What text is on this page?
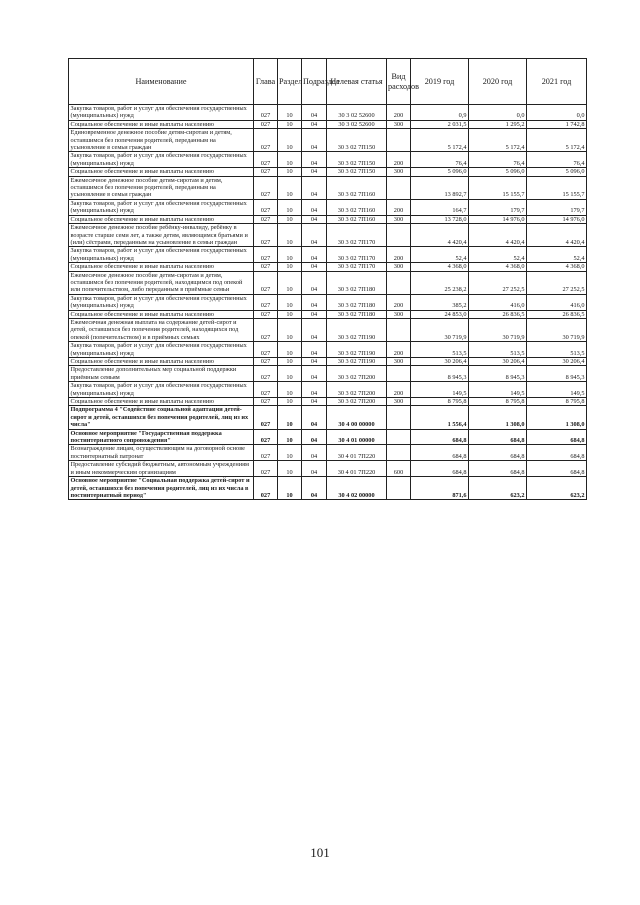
Наименование	Глава	Раздел	Подраздел	Целевая статья	Вид расходов	2019 год	2020 год	2021 год
Закупка товаров, работ и услуг для обеспечения государственных (муниципальных) нужд	027	10	04	30 3 02 52600	200	0,9	0,0	0,0
Социальное обеспечение и иные выплаты населению	027	10	04	30 3 02 52600	300	2 031,5	1 295,2	1 742,8
Единовременное денежное пособие детям-сиротам и детям, оставшимся без попечения родителей, переданным на усыновление в семьи граждан	027	10	04	30 3 02 7П150		5 172,4	5 172,4	5 172,4
Закупка товаров, работ и услуг для обеспечения государственных (муниципальных) нужд	027	10	04	30 3 02 7П150	200	76,4	76,4	76,4
Социальное обеспечение и иные выплаты населению	027	10	04	30 3 02 7П150	300	5 096,0	5 096,0	5 096,0
Ежемесячное денежное пособие детям-сиротам и детям, оставшимся без попечения родителей, переданным на усыновление в семьи граждан	027	10	04	30 3 02 7П160		13 892,7	15 155,7	15 155,7
Закупка товаров, работ и услуг для обеспечения государственных (муниципальных) нужд	027	10	04	30 3 02 7П160	200	164,7	179,7	179,7
Социальное обеспечение и иные выплаты населению	027	10	04	30 3 02 7П160	300	13 728,0	14 976,0	14 976,0
Ежемесячное денежное пособие ребёнку-инвалиду, ребёнку в возрасте старше семи лет, а также детям, являющимся братьями и (или) сёстрами, переданным на усыновление в семьи граждан	027	10	04	30 3 02 7П170		4 420,4	4 420,4	4 420,4
Закупка товаров, работ и услуг для обеспечения государственных (муниципальных) нужд	027	10	04	30 3 02 7П170	200	52,4	52,4	52,4
Социальное обеспечение и иные выплаты населению	027	10	04	30 3 02 7П170	300	4 368,0	4 368,0	4 368,0
Ежемесячное денежное пособие детям-сиротам и детям, оставшимся без попечения родителей, находящимся под опекой или попечительством, либо переданным в приёмные семьи	027	10	04	30 3 02 7П180		25 238,2	27 252,5	27 252,5
Закупка товаров, работ и услуг для обеспечения государственных (муниципальных) нужд	027	10	04	30 3 02 7П180	200	385,2	416,0	416,0
Социальное обеспечение и иные выплаты населению	027	10	04	30 3 02 7П180	300	24 853,0	26 836,5	26 836,5
Ежемесячная денежная выплата на содержание детей-сирот и детей, оставшихся без попечения родителей, находящихся под опекой (попечительством) и в приёмных семьях	027	10	04	30 3 02 7П190		30 719,9	30 719,9	30 719,9
Закупка товаров, работ и услуг для обеспечения государственных (муниципальных) нужд	027	10	04	30 3 02 7П190	200	513,5	513,5	513,5
Социальное обеспечение и иные выплаты населению	027	10	04	30 3 02 7П190	300	30 206,4	30 206,4	30 206,4
Предоставление дополнительных мер социальной поддержки приёмным семьям	027	10	04	30 3 02 7П200		8 945,3	8 945,3	8 945,3
Закупка товаров, работ и услуг для обеспечения государственных (муниципальных) нужд	027	10	04	30 3 02 7П200	200	149,5	149,5	149,5
Социальное обеспечение и иные выплаты населению	027	10	04	30 3 02 7П200	300	8 795,8	8 795,8	8 795,8
Подпрограмма 4 "Содействие социальной адаптации детей-сирот и детей, оставшихся без попечения родителей, лиц из их числа"	027	10	04	30 4 00 00000		1 556,4	1 308,0	1 308,0
Основное мероприятие "Государственная поддержка постинтернатного сопровождения"	027	10	04	30 4 01 00000		684,8	684,8	684,8
Вознаграждение лицам, осуществляющим на договорной основе постинтернатный патронат	027	10	04	30 4 01 7П220		684,8	684,8	684,8
Предоставление субсидий бюджетным, автономным учреждениям и иным некоммерческим организациям	027	10	04	30 4 01 7П220	600	684,8	684,8	684,8
Основное мероприятие "Социальная поддержка детей-сирот и детей, оставшихся без попечения родителей, лиц из их числа в постинтернатный период"	027	10	04	30 4 02 00000		871,6	623,2	623,2
101
